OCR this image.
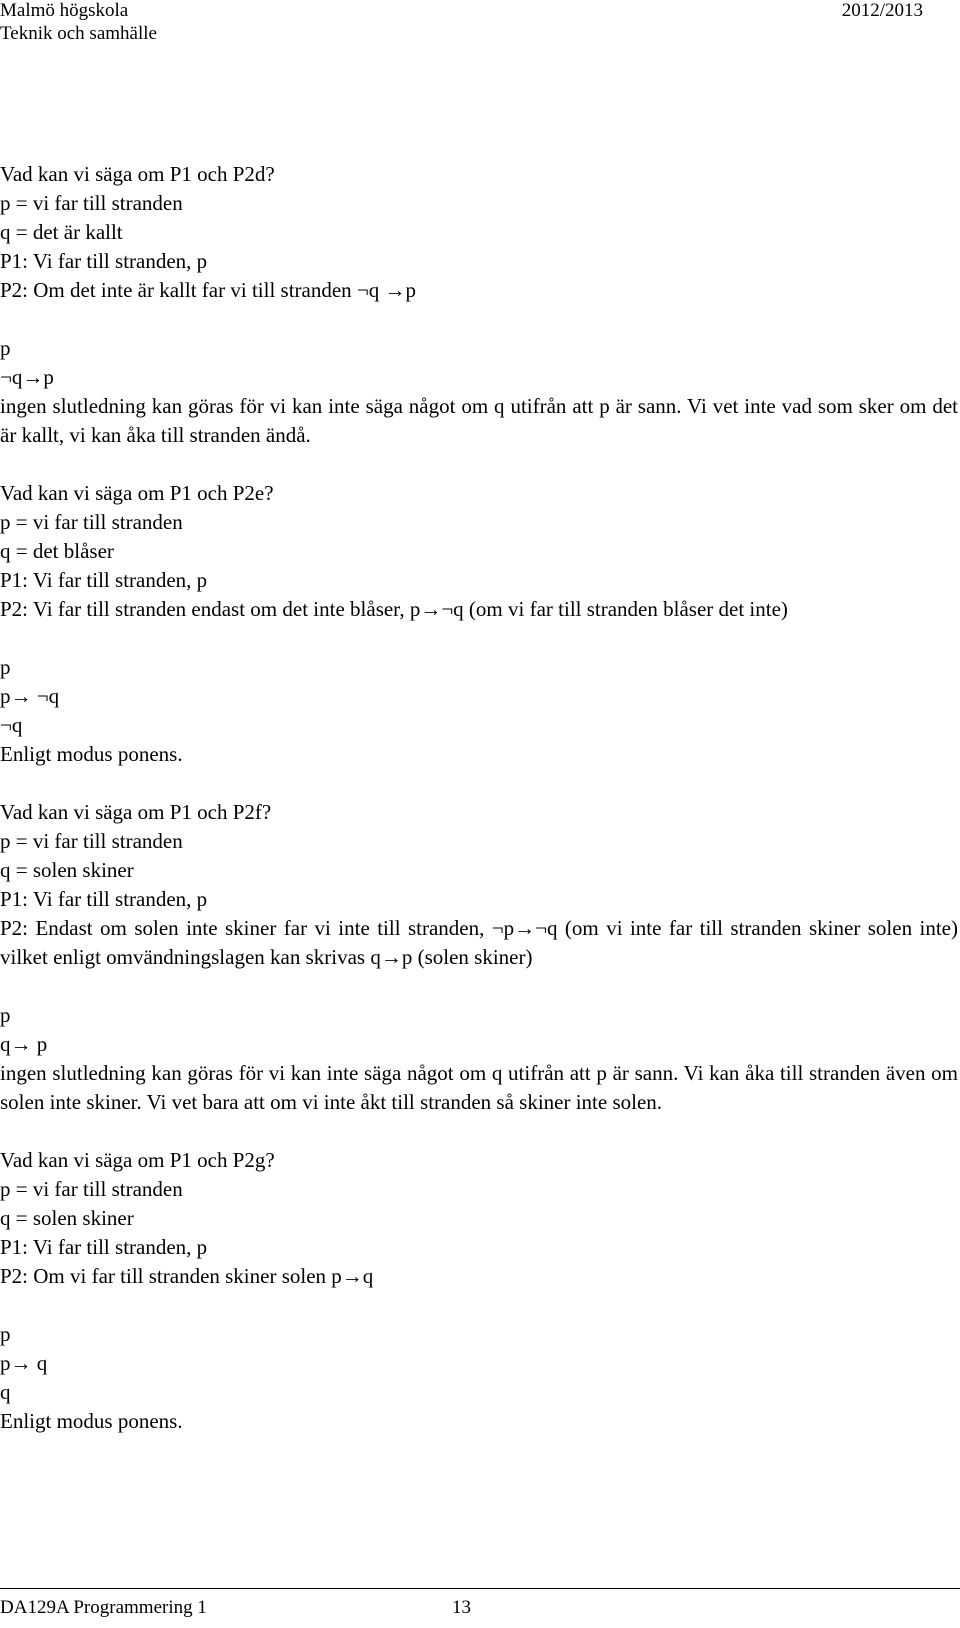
Malmö högskola
Teknik och samhälle
2012/2013
Vad kan vi säga om P1 och P2d?
p = vi far till stranden
q = det är kallt
P1: Vi far till stranden, p
P2: Om det inte är kallt far vi till stranden ¬q →p
p
¬q→p
ingen slutledning kan göras för vi kan inte säga något om q utifrån att p är sann. Vi vet inte vad som sker om det är kallt, vi kan åka till stranden ändå.
Vad kan vi säga om P1 och P2e?
p = vi far till stranden
q = det blåser
P1: Vi far till stranden, p
P2: Vi far till stranden endast om det inte blåser, p→¬q (om vi far till stranden blåser det inte)
p
p→ ¬q
¬q
Enligt modus ponens.
Vad kan vi säga om P1 och P2f?
p = vi far till stranden
q = solen skiner
P1: Vi far till stranden, p
P2: Endast om solen inte skiner far vi inte till stranden, ¬p→¬q (om vi inte far till stranden skiner solen inte) vilket enligt omvändningslagen kan skrivas q→p (solen skiner)
p
q→ p
ingen slutledning kan göras för vi kan inte säga något om q utifrån att p är sann. Vi kan åka till stranden även om solen inte skiner. Vi vet bara att om vi inte åkt till stranden så skiner inte solen.
Vad kan vi säga om P1 och P2g?
p = vi far till stranden
q = solen skiner
P1: Vi far till stranden, p
P2: Om vi far till stranden skiner solen p→q
p
p→ q
q
Enligt modus ponens.
DA129A Programmering 1	13
